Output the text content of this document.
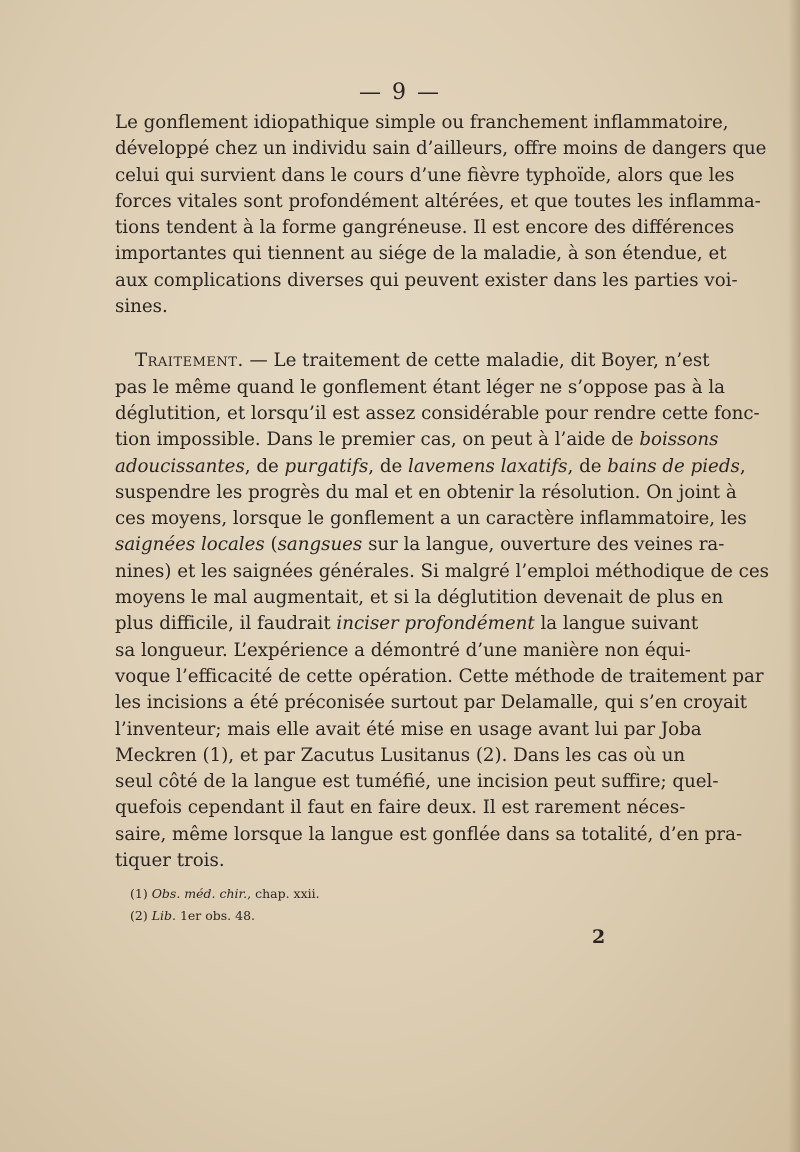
— 9 —
Le gonflement idiopathique simple ou franchement inflammatoire,
développé chez un individu sain d’ailleurs, offre moins de dangers que
celui qui survient dans le cours d’une fièvre typhoïde, alors que les
forces vitales sont profondément altérées, et que toutes les inflamma-
tions tendent à la forme gangréneuse. Il est encore des différences
importantes qui tiennent au siége de la maladie, à son étendue, et
aux complications diverses qui peuvent exister dans les parties voi-
sines.
Traitement. — Le traitement de cette maladie, dit Boyer, n’est
pas le même quand le gonflement étant léger ne s’oppose pas à la
déglutition, et lorsqu’il est assez considérable pour rendre cette fonc-
tion impossible. Dans le premier cas, on peut à l’aide de boissons
adoucissantes, de purgatifs, de lavemens laxatifs, de bains de pieds,
suspendre les progrès du mal et en obtenir la résolution. On joint à
ces moyens, lorsque le gonflement a un caractère inflammatoire, les
saignées locales (sangsues sur la langue, ouverture des veines ra-
nines) et les saignées générales. Si malgré l’emploi méthodique de ces
moyens le mal augmentait, et si la déglutition devenait de plus en
plus difficile, il faudrait inciser profondément la langue suivant
sa longueur. L’expérience a démontré d’une manière non équi-
voque l’efficacité de cette opération. Cette méthode de traitement par
les incisions a été préconisée surtout par Delamalle, qui s’en croyait
l’inventeur; mais elle avait été mise en usage avant lui par Joba
Meckren (1), et par Zacutus Lusitanus (2). Dans les cas où un
seul côté de la langue est tuméfié, une incision peut suffire; quel-
quefois cependant il faut en faire deux. Il est rarement néces-
saire, même lorsque la langue est gonflée dans sa totalité, d’en pra-
tiquer trois.
(1) Obs. méd. chir., chap. xxii.
(2) Lib. 1er obs. 48.
2
